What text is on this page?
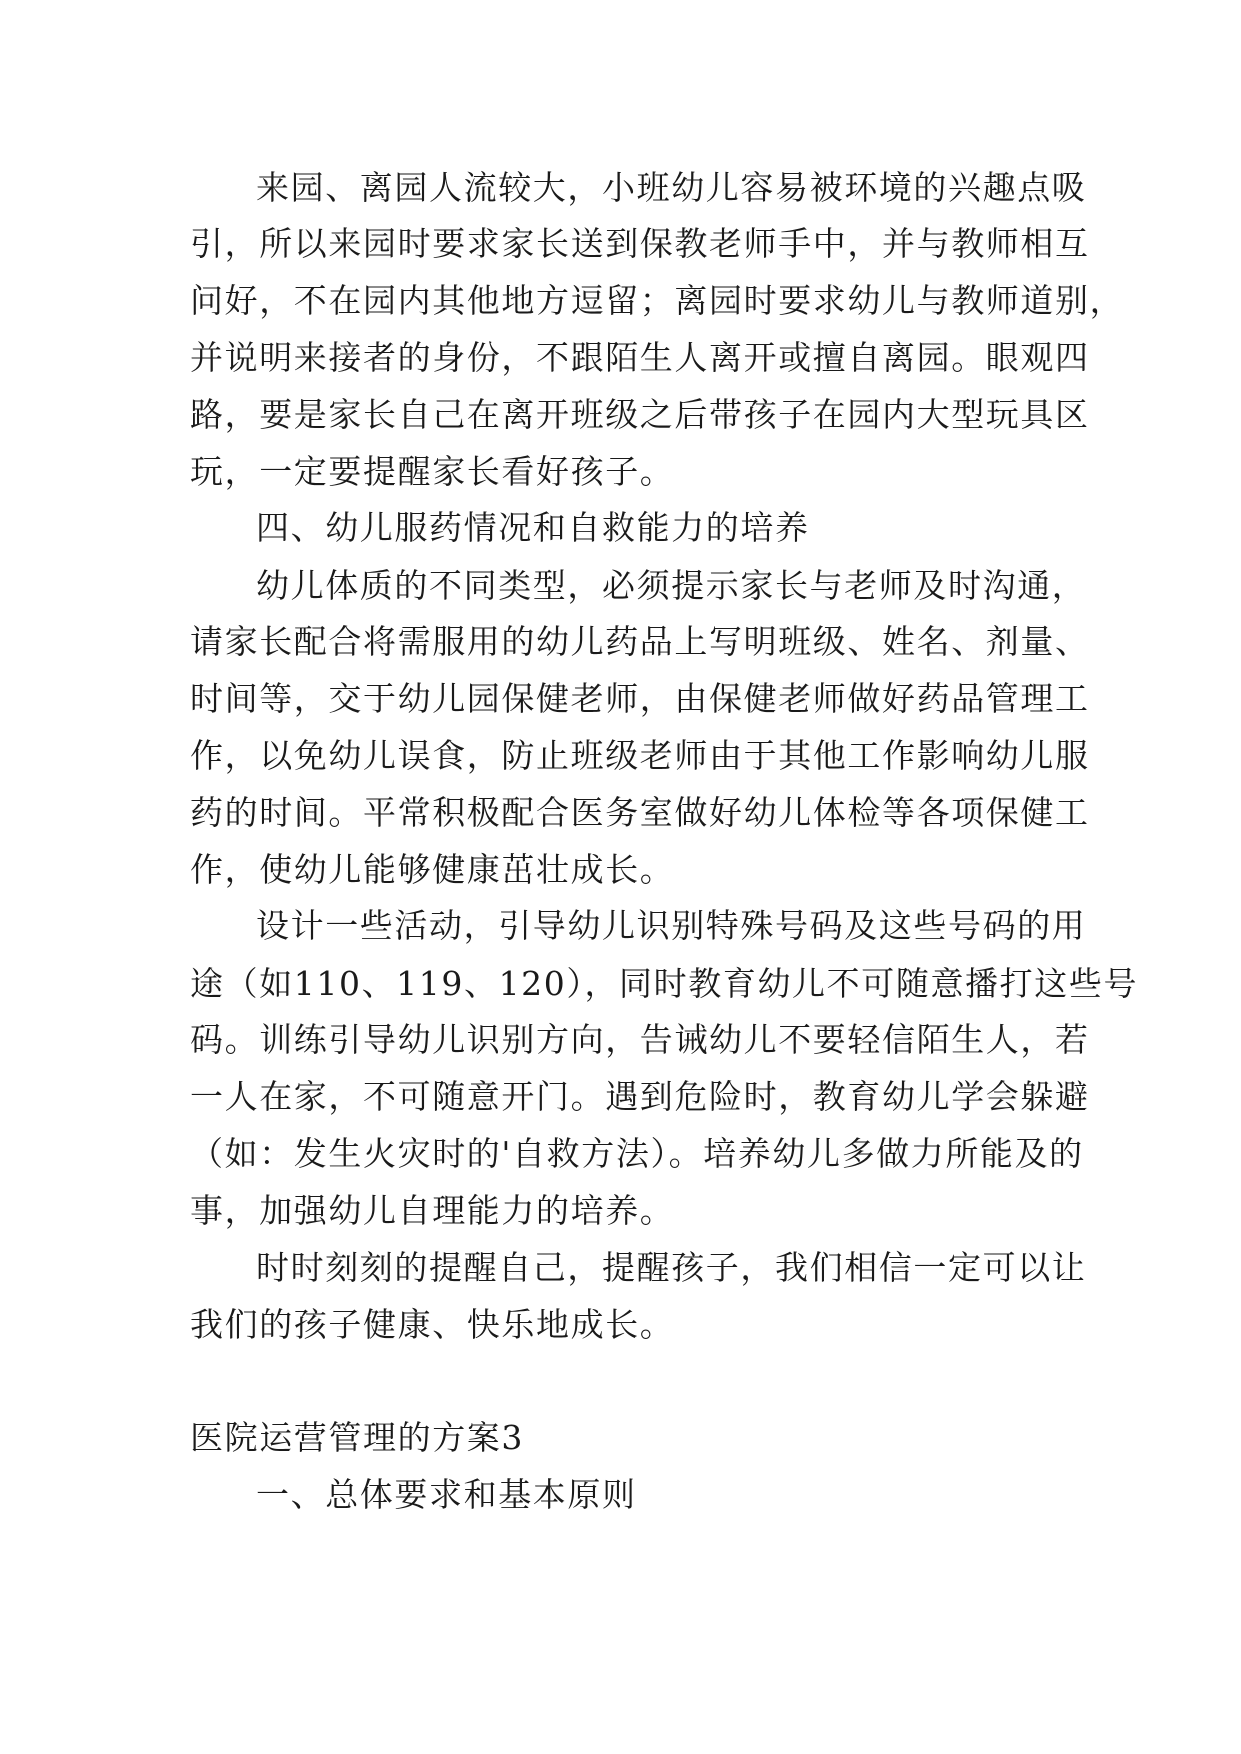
来园、离园人流较大，小班幼儿容易被环境的兴趣点吸
引，所以来园时要求家长送到保教老师手中，并与教师相互
问好，不在园内其他地方逗留；离园时要求幼儿与教师道别，
并说明来接者的身份，不跟陌生人离开或擅自离园。眼观四
路，要是家长自己在离开班级之后带孩子在园内大型玩具区
玩，一定要提醒家长看好孩子。
四、幼儿服药情况和自救能力的培养
幼儿体质的不同类型，必须提示家长与老师及时沟通，
请家长配合将需服用的幼儿药品上写明班级、姓名、剂量、
时间等，交于幼儿园保健老师，由保健老师做好药品管理工
作，以免幼儿误食，防止班级老师由于其他工作影响幼儿服
药的时间。平常积极配合医务室做好幼儿体检等各项保健工
作，使幼儿能够健康茁壮成长。
设计一些活动，引导幼儿识别特殊号码及这些号码的用
途（如110、119、120），同时教育幼儿不可随意播打这些号
码。训练引导幼儿识别方向，告诫幼儿不要轻信陌生人，若
一人在家，不可随意开门。遇到危险时，教育幼儿学会躲避
（如：发生火灾时的'自救方法）。培养幼儿多做力所能及的
事，加强幼儿自理能力的培养。
时时刻刻的提醒自己，提醒孩子，我们相信一定可以让
我们的孩子健康、快乐地成长。
医院运营管理的方案3
一、总体要求和基本原则
